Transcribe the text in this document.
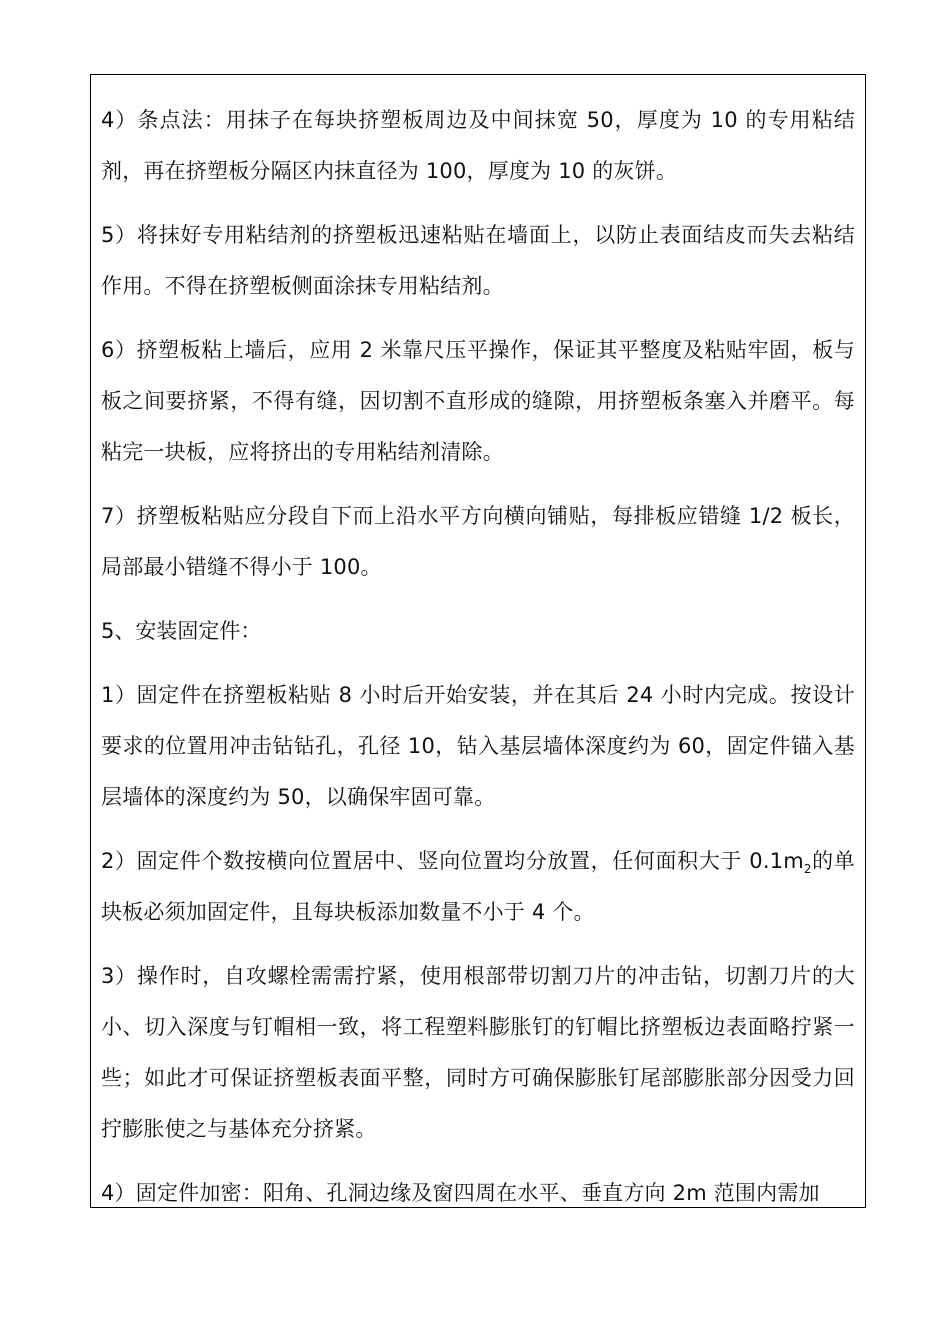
4）条点法：用抹子在每块挤塑板周边及中间抹宽 50，厚度为 10 的专用粘结剂，再在挤塑板分隔区内抹直径为 100，厚度为 10 的灰饼。

5）将抹好专用粘结剂的挤塑板迅速粘贴在墙面上，以防止表面结皮而失去粘结作用。不得在挤塑板侧面涂抹专用粘结剂。

6）挤塑板粘上墙后，应用 2 米靠尺压平操作，保证其平整度及粘贴牢固，板与板之间要挤紧，不得有缝，因切割不直形成的缝隙，用挤塑板条塞入并磨平。每粘完一块板，应将挤出的专用粘结剂清除。

7）挤塑板粘贴应分段自下而上沿水平方向横向铺贴，每排板应错缝 1/2 板长，局部最小错缝不得小于 100。

5、安装固定件：

1）固定件在挤塑板粘贴 8 小时后开始安装，并在其后 24 小时内完成。按设计要求的位置用冲击钻钻孔，孔径 10，钻入基层墙体深度约为 60，固定件锚入基层墙体的深度约为 50，以确保牢固可靠。

2）固定件个数按横向位置居中、竖向位置均分放置，任何面积大于 $0.1m_2$的单块板必须加固定件，且每块板添加数量不小于 4 个。

3）操作时，自攻螺栓需需拧紧，使用根部带切割刀片的冲击钻，切割刀片的大小、切入深度与钉帽相一致，将工程塑料膨胀钉的钉帽比挤塑板边表面略拧紧一些；如此才可保证挤塑板表面平整，同时方可确保膨胀钉尾部膨胀部分因受力回拧膨胀使之与基体充分挤紧。

4）固定件加密：阳角、孔洞边缘及窗四周在水平、垂直方向 2m 范围内需加
